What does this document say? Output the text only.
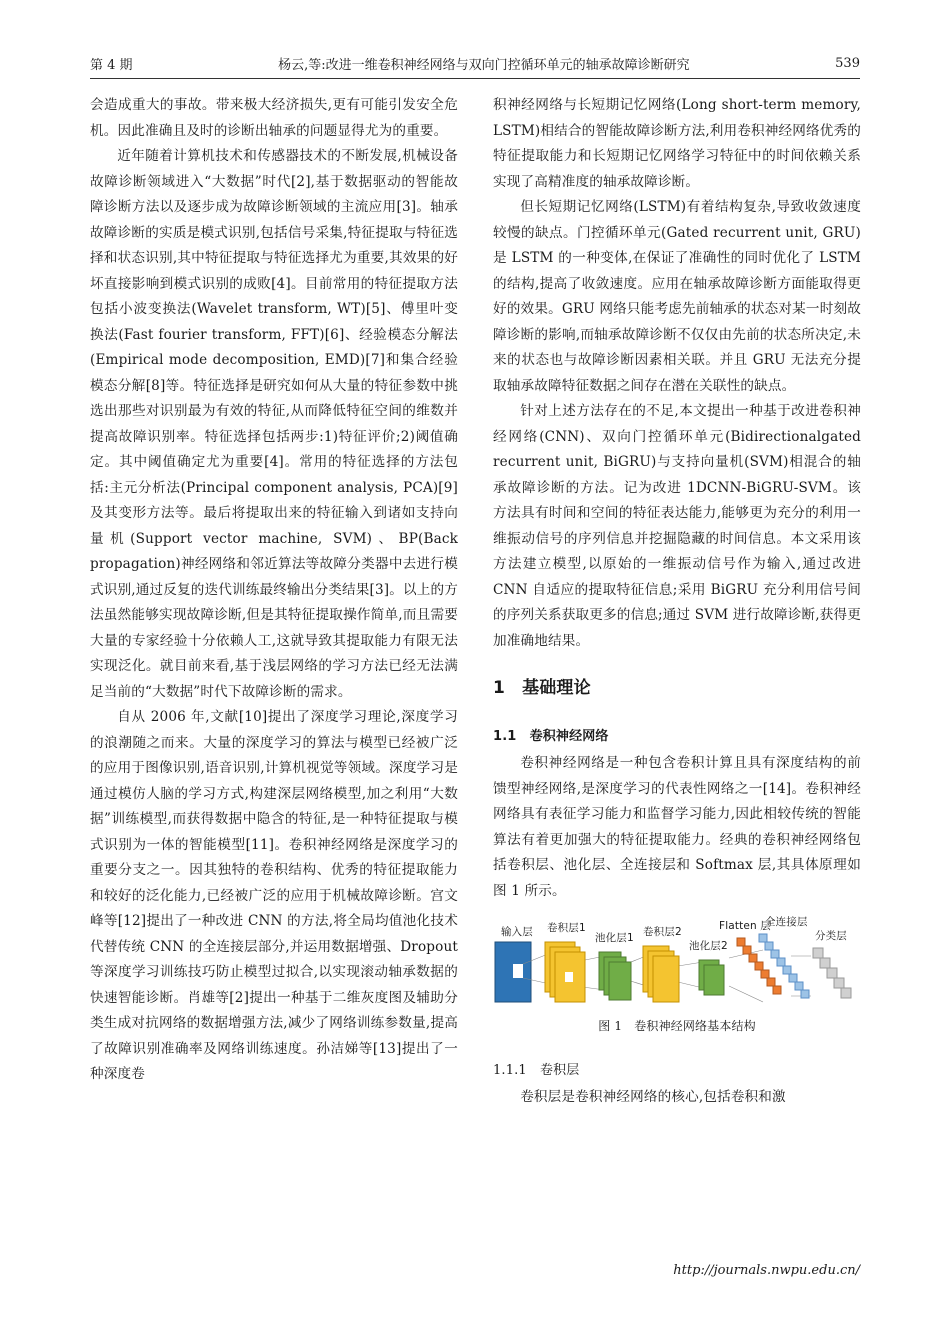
第 4 期	杨云,等:改进一维卷积神经网络与双向门控循环单元的轴承故障诊断研究	539

会造成重大的事故。带来极大经济损失,更有可能引发安全危机。因此准确且及时的诊断出轴承的问题显得尤为的重要。

近年随着计算机技术和传感器技术的不断发展,机械设备故障诊断领域进入“大数据”时代[2],基于数据驱动的智能故障诊断方法以及逐步成为故障诊断领域的主流应用[3]。轴承故障诊断的实质是模式识别,包括信号采集,特征提取与特征选择和状态识别,其中特征提取与特征选择尤为重要,其效果的好坏直接影响到模式识别的成败[4]。目前常用的特征提取方法包括小波变换法(Wavelet transform, WT)[5]、傅里叶变换法(Fast fourier transform, FFT)[6]、经验模态分解法(Empirical mode decomposition, EMD)[7]和集合经验模态分解[8]等。特征选择是研究如何从大量的特征参数中挑选出那些对识别最为有效的特征,从而降低特征空间的维数并提高故障识别率。特征选择包括两步:1)特征评价;2)阈值确定。其中阈值确定尤为重要[4]。常用的特征选择的方法包括:主元分析法(Principal component analysis, PCA)[9]及其变形方法等。最后将提取出来的特征输入到诸如支持向量机(Support vector machine, SVM)、BP(Back propagation)神经网络和邻近算法等故障分类器中去进行模式识别,通过反复的迭代训练最终输出分类结果[3]。以上的方法虽然能够实现故障诊断,但是其特征提取操作简单,而且需要大量的专家经验十分依赖人工,这就导致其提取能力有限无法实现泛化。就目前来看,基于浅层网络的学习方法已经无法满足当前的“大数据”时代下故障诊断的需求。

自从 2006 年,文献[10]提出了深度学习理论,深度学习的浪潮随之而来。大量的深度学习的算法与模型已经被广泛的应用于图像识别,语音识别,计算机视觉等领域。深度学习是通过模仿人脑的学习方式,构建深层网络模型,加之利用“大数据”训练模型,而获得数据中隐含的特征,是一种特征提取与模式识别为一体的智能模型[11]。卷积神经网络是深度学习的重要分支之一。因其独特的卷积结构、优秀的特征提取能力和较好的泛化能力,已经被广泛的应用于机械故障诊断。宫文峰等[12]提出了一种改进 CNN 的方法,将全局均值池化技术代替传统 CNN 的全连接层部分,并运用数据增强、Dropout 等深度学习训练技巧防止模型过拟合,以实现滚动轴承数据的快速智能诊断。肖雄等[2]提出一种基于二维灰度图及辅助分类生成对抗网络的数据增强方法,减少了网络训练参数量,提高了故障识别准确率及网络训练速度。孙洁娣等[13]提出了一种深度卷

积神经网络与长短期记忆网络(Long short-term memory, LSTM)相结合的智能故障诊断方法,利用卷积神经网络优秀的特征提取能力和长短期记忆网络学习特征中的时间依赖关系实现了高精准度的轴承故障诊断。

但长短期记忆网络(LSTM)有着结构复杂,导致收敛速度较慢的缺点。门控循环单元(Gated recurrent unit, GRU)是 LSTM 的一种变体,在保证了准确性的同时优化了 LSTM 的结构,提高了收敛速度。应用在轴承故障诊断方面能取得更好的效果。GRU 网络只能考虑先前轴承的状态对某一时刻故障诊断的影响,而轴承故障诊断不仅仅由先前的状态所决定,未来的状态也与故障诊断因素相关联。并且 GRU 无法充分提取轴承故障特征数据之间存在潜在关联性的缺点。

针对上述方法存在的不足,本文提出一种基于改进卷积神经网络(CNN)、双向门控循环单元(Bidirectionalgated recurrent unit, BiGRU)与支持向量机(SVM)相混合的轴承故障诊断的方法。记为改进 1DCNN-BiGRU-SVM。该方法具有时间和空间的特征表达能力,能够更为充分的利用一维振动信号的序列信息并挖掘隐藏的时间信息。本文采用该方法建立模型,以原始的一维振动信号作为输入,通过改进 CNN 自适应的提取特征信息;采用 BiGRU 充分利用信号间的序列关系获取更多的信息;通过 SVM 进行故障诊断,获得更加准确地结果。

1　基础理论
1.1　卷积神经网络

卷积神经网络是一种包含卷积计算且具有深度结构的前馈型神经网络,是深度学习的代表性网络之一[14]。卷积神经网络具有表征学习能力和监督学习能力,因此相较传统的智能算法有着更加强大的特征提取能力。经典的卷积神经网络包括卷积层、池化层、全连接层和 Softmax 层,其具体原理如图 1 所示。

输入层 卷积层1
池化层1 卷积层2
池化层2
Flatten 层
全连接层
分类层
图 1　卷积神经网络基本结构
1.1.1　卷积层

卷积层是卷积神经网络的核心,包括卷积和激

http://journals.nwpu.edu.cn/
